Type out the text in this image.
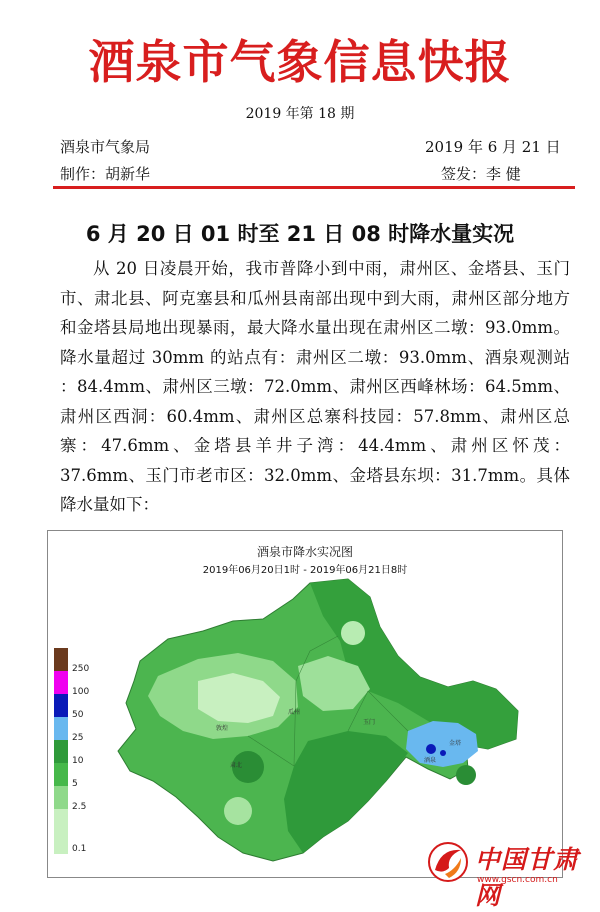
酒泉市气象信息快报
2019 年第 18 期
酒泉市气象局	2019 年 6 月 21 日
制作：胡新华	签发：李 健
6 月 20 日 01 时至 21 日 08 时降水量实况
从 20 日凌晨开始，我市普降小到中雨，肃州区、金塔县、玉门市、肃北县、阿克塞县和瓜州县南部出现中到大雨，肃州区部分地方和金塔县局地出现暴雨，最大降水量出现在肃州区二墩：93.0mm。降水量超过 30mm 的站点有：肃州区二墩：93.0mm、酒泉观测站 ：84.4mm、肃州区三墩：72.0mm、肃州区西峰林场：64.5mm、肃州区西洞：60.4mm、肃州区总寨科技园：57.8mm、肃州区总寨：47.6mm、金塔县羊井子湾：44.4mm、肃州区怀茂：37.6mm、玉门市老市区：32.0mm、金塔县东坝：31.7mm。具体降水量如下：
酒泉市降水实况图
2019年06月20日1时 - 2019年06月21日8时
250
100
50
25
10
5
2.5
0.1
瓜州
玉门
金塔
敦煌
肃北
酒泉
中国甘肃网
www.gscn.com.cn
